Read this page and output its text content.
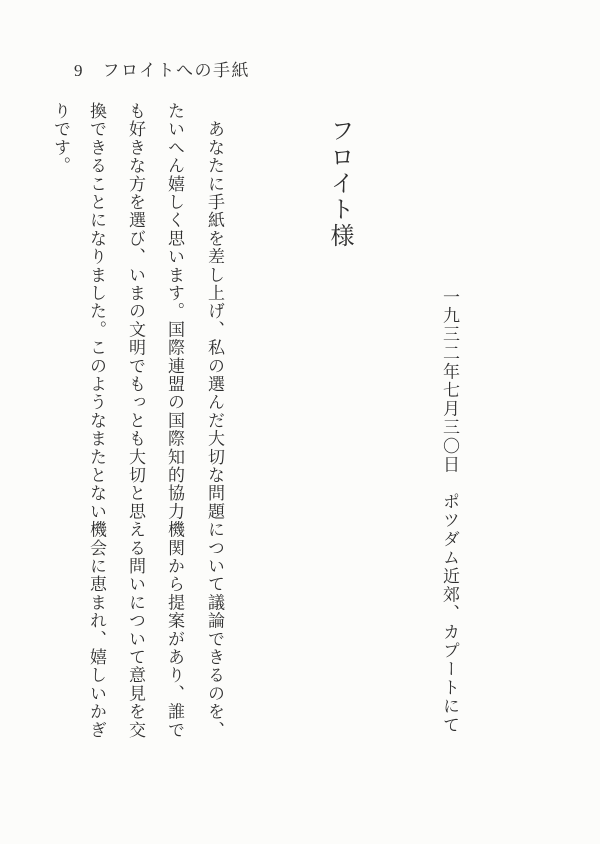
9　フロイトへの手紙
一九三二年七月三〇日　ポツダム近郊、カプートにて
フロイト様
　あなたに手紙を差し上げ、私の選んだ大切な問題について議論できるのを、
たいへん嬉しく思います。国際連盟の国際知的協力機関から提案があり、誰で
も好きな方を選び、いまの文明でもっとも大切と思える問いについて意見を交
換できることになりました。このようなまたとない機会に恵まれ、嬉しいかぎ
りです。
